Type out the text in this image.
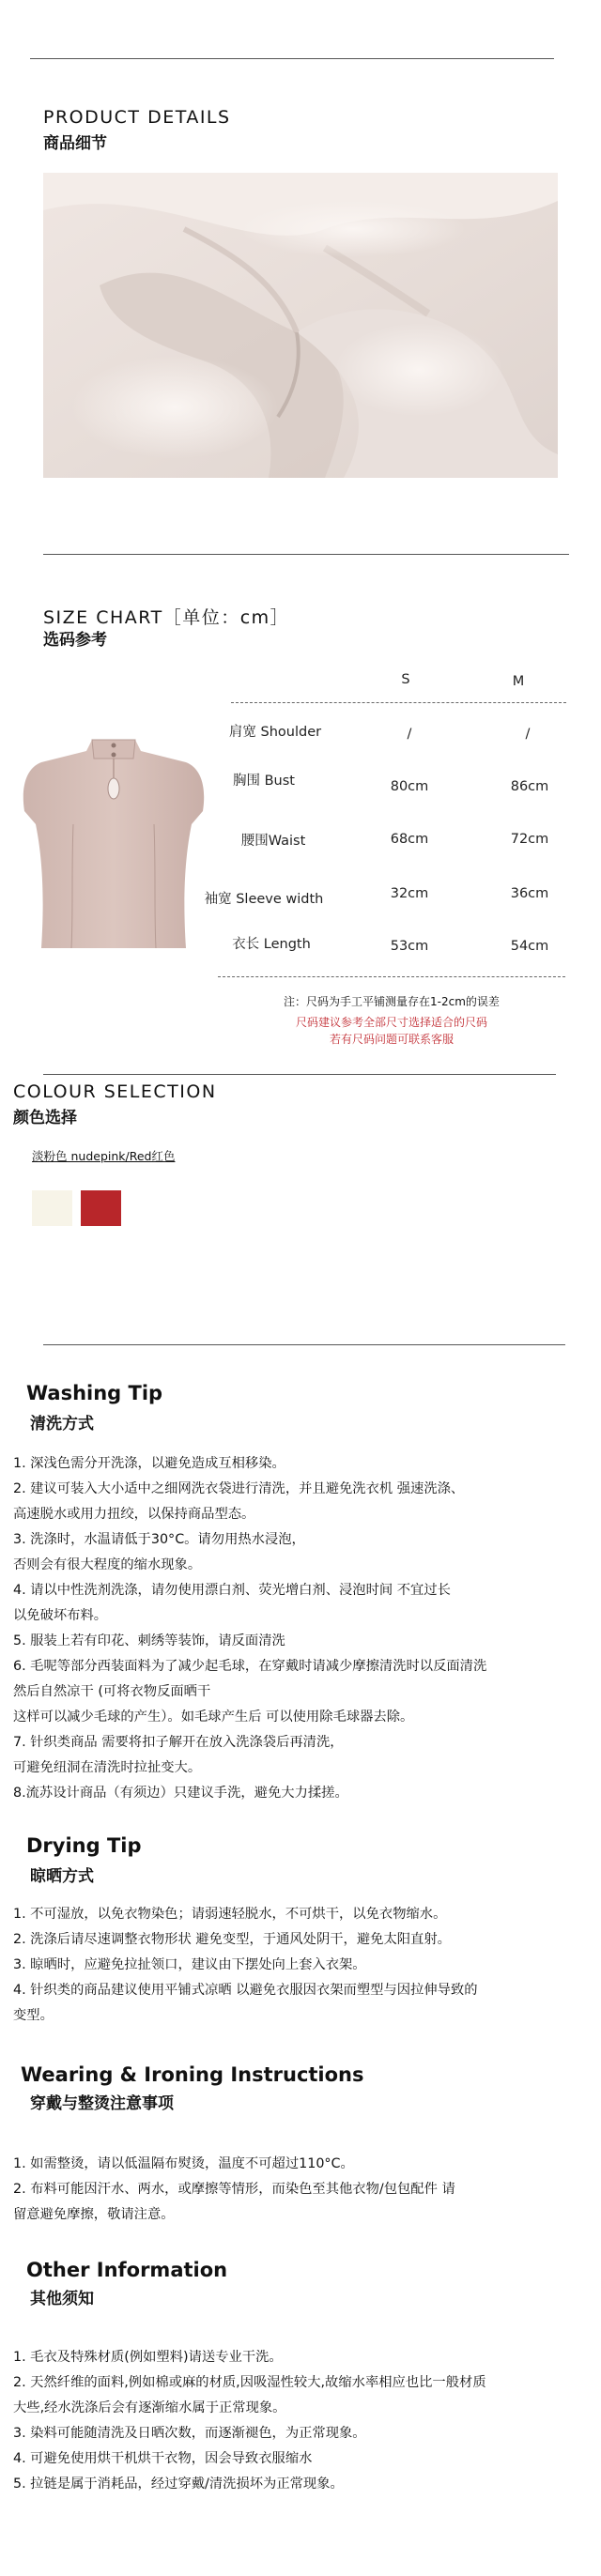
PRODUCT DETAILS
商品细节
SIZE CHART［单位：cm］
选码参考
S	M
肩宽 Shoulder	/	/
胸围 Bust	80cm	86cm
腰围Waist	68cm	72cm
袖宽 Sleeve width	32cm	36cm
衣长 Length	53cm	54cm
注：尺码为手工平铺测量存在1-2cm的误差
尺码建议参考全部尺寸选择适合的尺码
若有尺码问题可联系客服
COLOUR SELECTION
颜色选择
淡粉色 nudepink/Red红色
Washing Tip
清洗方式
1. 深浅色需分开洗涤，以避免造成互相移染。
2. 建议可装入大小适中之细网洗衣袋进行清洗，并且避免洗衣机 强速洗涤、
高速脱水或用力扭绞，以保持商品型态。
3. 洗涤时，水温请低于30°C。请勿用热水浸泡，
否则会有很大程度的缩水现象。
4. 请以中性洗剂洗涤，请勿使用漂白剂、荧光增白剂、浸泡时间 不宜过长
以免破坏布料。
5. 服装上若有印花、刺绣等装饰，请反面清洗
6. 毛呢等部分西装面料为了减少起毛球，在穿戴时请减少摩擦清洗时以反面清洗
然后自然凉干 (可将衣物反面晒干
这样可以减少毛球的产生）。如毛球产生后 可以使用除毛球器去除。
7. 针织类商品 需要将扣子解开在放入洗涤袋后再清洗，
可避免纽洞在清洗时拉扯变大。
8.流苏设计商品（有须边）只建议手洗，避免大力揉搓。
Drying Tip
晾晒方式
1. 不可湿放，以免衣物染色；请弱速轻脱水，不可烘干，以免衣物缩水。
2. 洗涤后请尽速调整衣物形状 避免变型，于通风处阴干，避免太阳直射。
3. 晾晒时，应避免拉扯领口，建议由下摆处向上套入衣架。
4. 针织类的商品建议使用平铺式凉晒 以避免衣服因衣架而塑型与因拉伸导致的
变型。
Wearing & Ironing Instructions
穿戴与整烫注意事项
1. 如需整烫，请以低温隔布熨烫，温度不可超过110°C。
2. 布料可能因汗水、两水，或摩擦等情形，而染色至其他衣物/包包配件 请
留意避免摩擦，敬请注意。
Other Information
其他须知
1. 毛衣及特殊材质(例如塑料)请送专业干洗。
2. 天然纤维的面料,例如棉或麻的材质,因吸湿性较大,故缩水率相应也比一般材质
大些,经水洗涤后会有逐渐缩水属于正常现象。
3. 染料可能随清洗及日晒次数，而逐渐褪色，为正常现象。
4. 可避免使用烘干机烘干衣物，因会导致衣服缩水
5. 拉链是属于消耗品，经过穿戴/清洗损坏为正常现象。
